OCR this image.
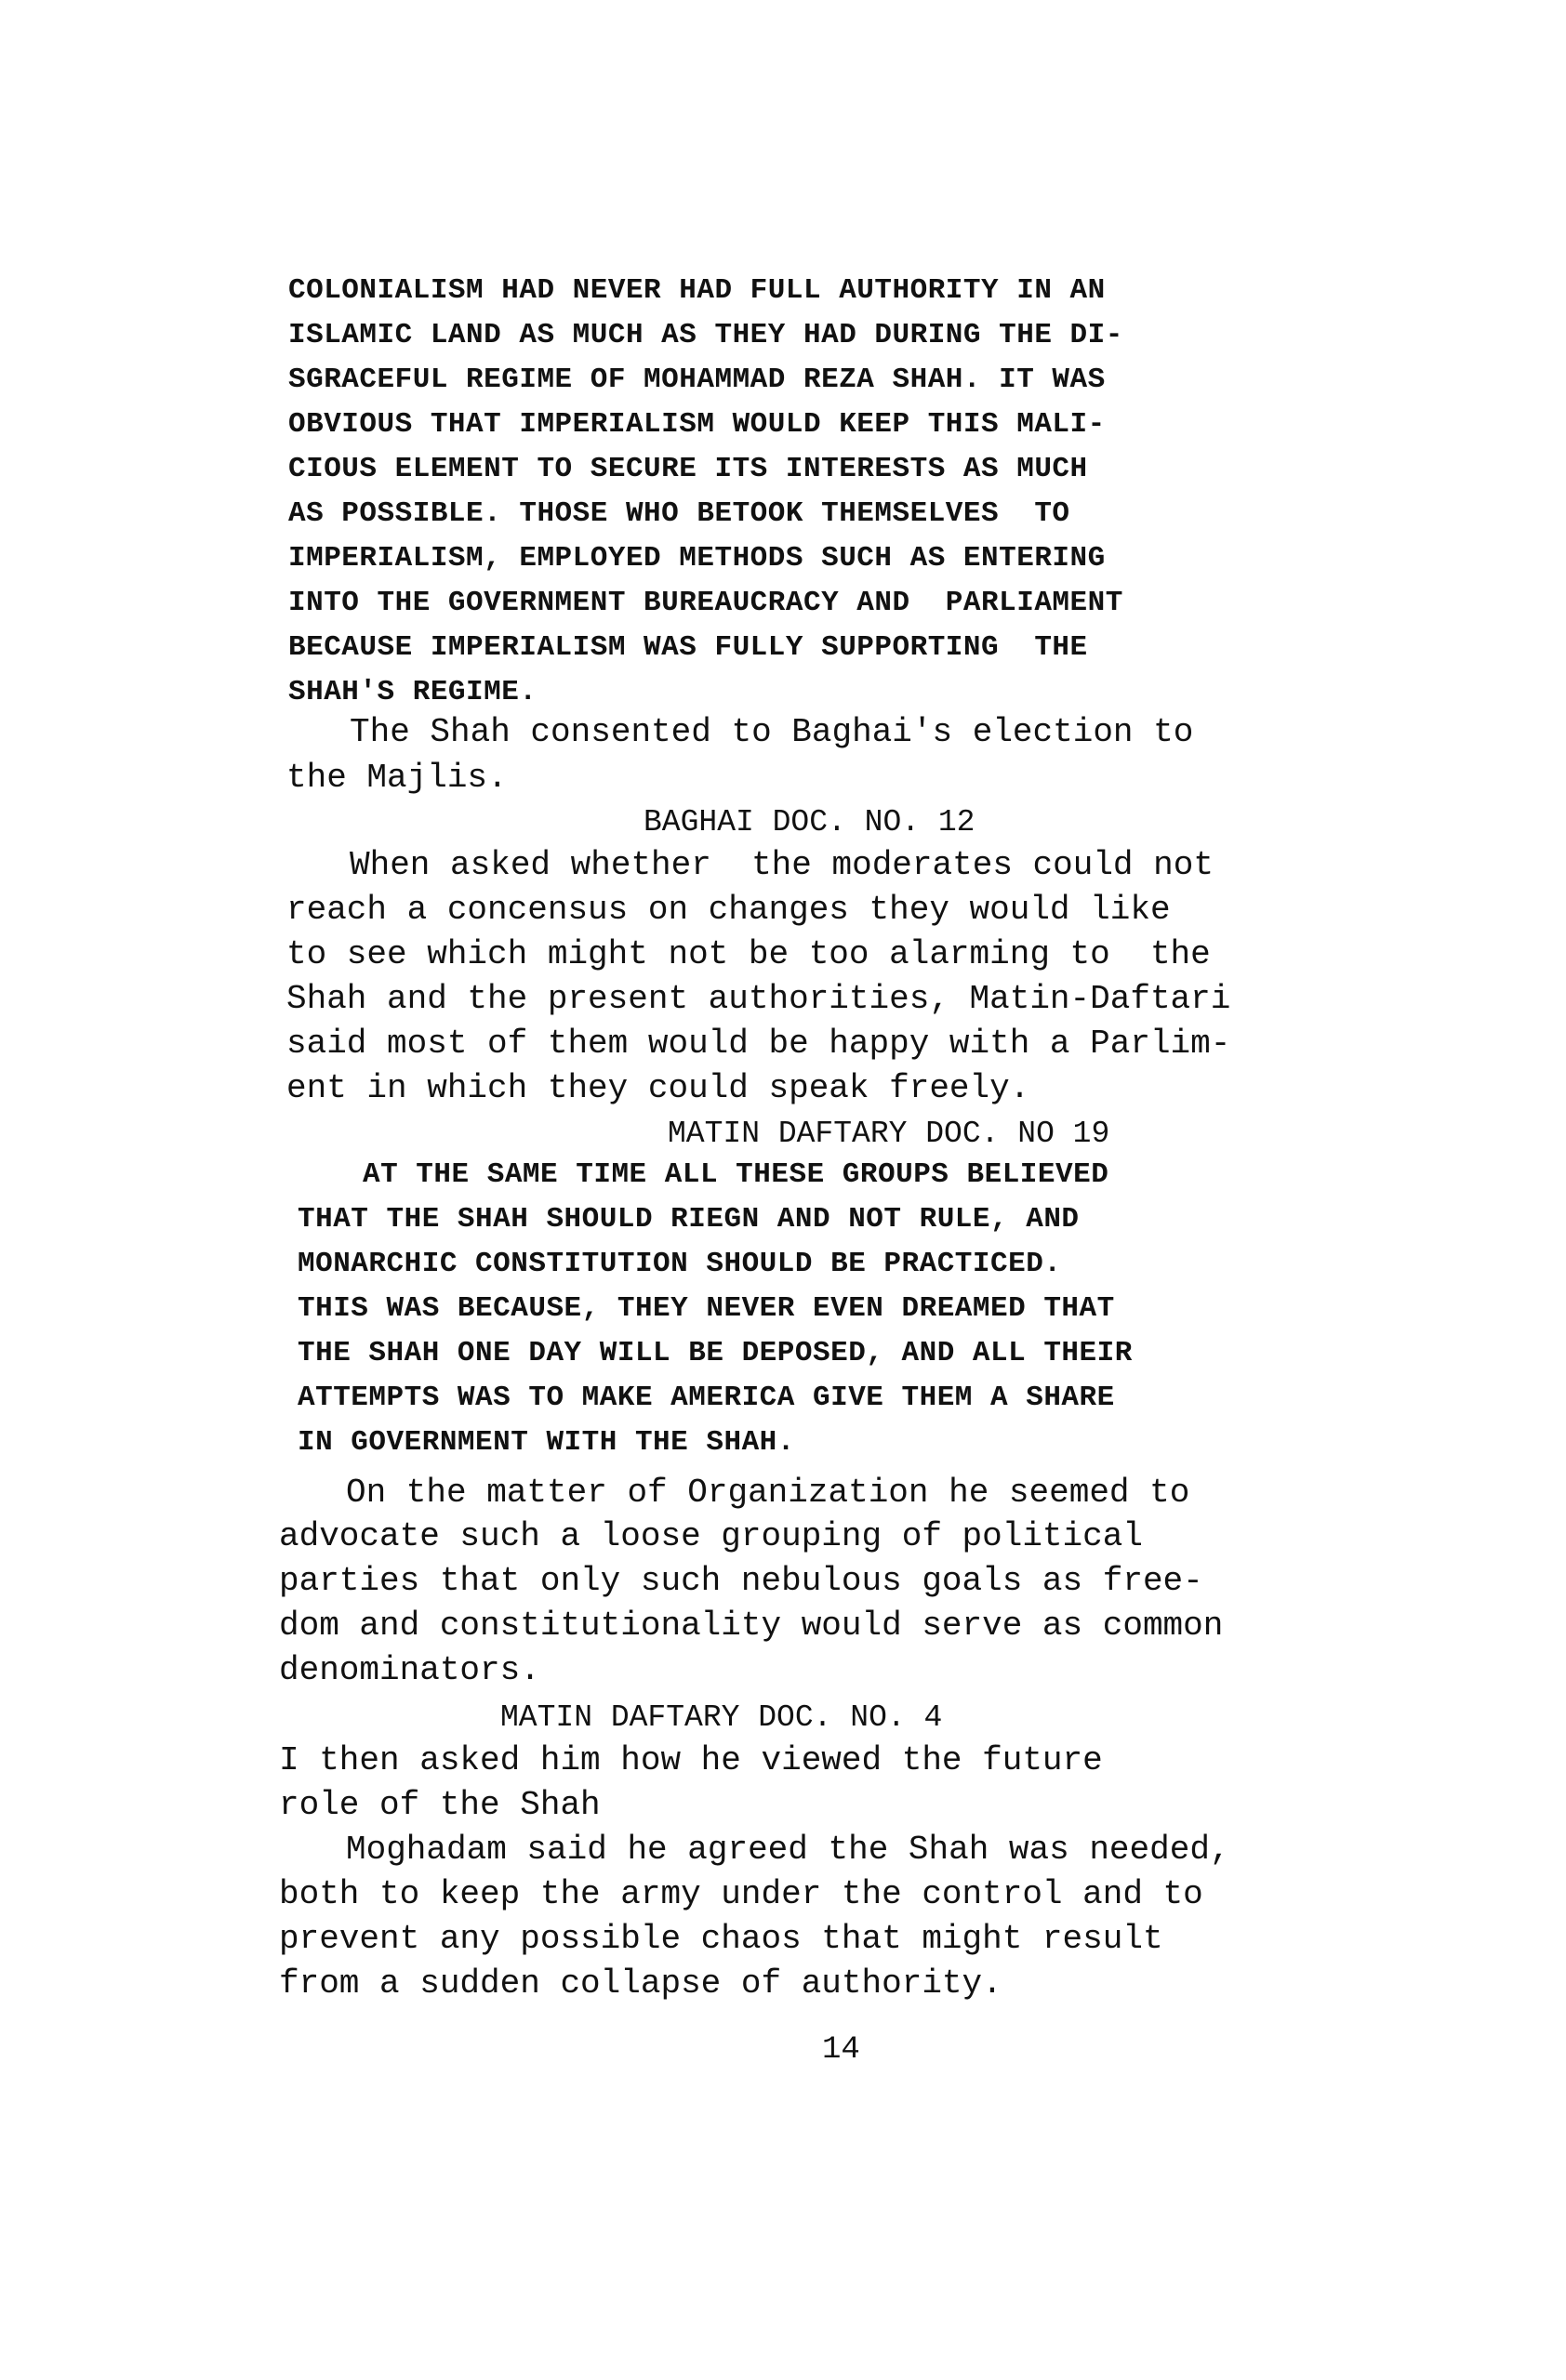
COLONIALISM HAD NEVER HAD FULL AUTHORITY IN AN
ISLAMIC LAND AS MUCH AS THEY HAD DURING THE DI-
SGRACEFUL REGIME OF MOHAMMAD REZA SHAH. IT WAS
OBVIOUS THAT IMPERIALISM WOULD KEEP THIS MALI-
CIOUS ELEMENT TO SECURE ITS INTERESTS AS MUCH
AS POSSIBLE. THOSE WHO BETOOK THEMSELVES  TO
IMPERIALISM, EMPLOYED METHODS SUCH AS ENTERING
INTO THE GOVERNMENT BUREAUCRACY AND  PARLIAMENT
BECAUSE IMPERIALISM WAS FULLY SUPPORTING  THE
SHAH'S REGIME.
The Shah consented to Baghai's election to
the Majlis.
BAGHAI DOC. NO. 12
When asked whether  the moderates could not
reach a concensus on changes they would like
to see which might not be too alarming to  the
Shah and the present authorities, Matin-Daftari
said most of them would be happy with a Parlim-
ent in which they could speak freely.
MATIN DAFTARY DOC. NO 19
AT THE SAME TIME ALL THESE GROUPS BELIEVED
THAT THE SHAH SHOULD RIEGN AND NOT RULE, AND
MONARCHIC CONSTITUTION SHOULD BE PRACTICED.
THIS WAS BECAUSE, THEY NEVER EVEN DREAMED THAT
THE SHAH ONE DAY WILL BE DEPOSED, AND ALL THEIR
ATTEMPTS WAS TO MAKE AMERICA GIVE THEM A SHARE
IN GOVERNMENT WITH THE SHAH.
On the matter of Organization he seemed to
advocate such a loose grouping of political
parties that only such nebulous goals as free-
dom and constitutionality would serve as common
denominators.
MATIN DAFTARY DOC. NO. 4
I then asked him how he viewed the future
role of the Shah
Moghadam said he agreed the Shah was needed,
both to keep the army under the control and to
prevent any possible chaos that might result
from a sudden collapse of authority.
14
